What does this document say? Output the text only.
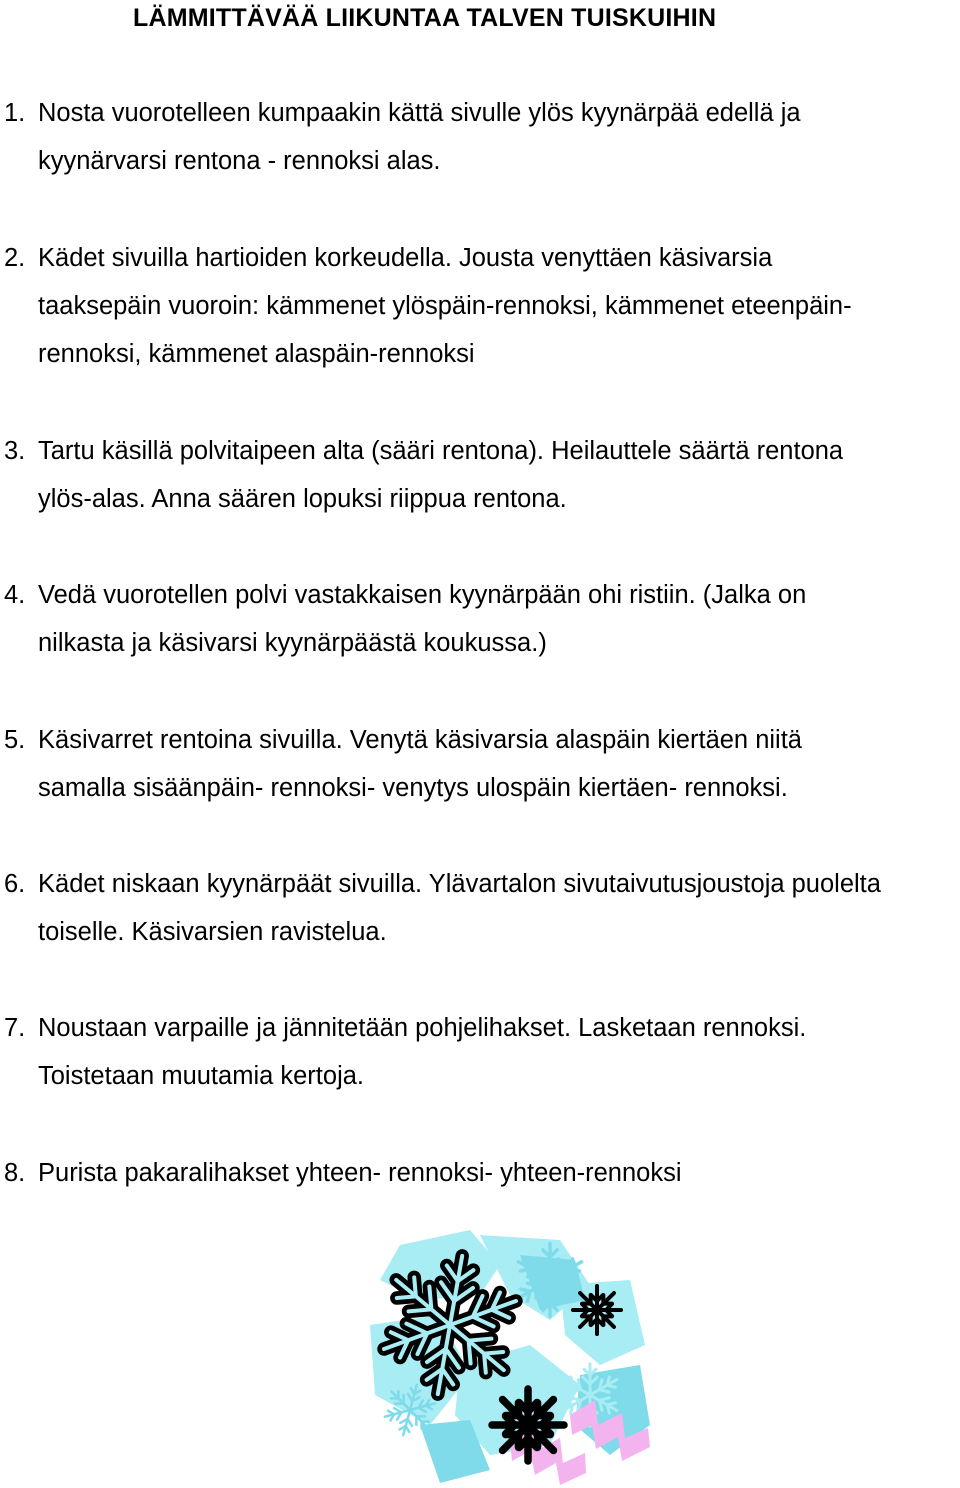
LÄMMITTÄVÄÄ LIIKUNTAA TALVEN TUISKUIHIN
1. Nosta vuorotelleen kumpaakin kättä sivulle ylös kyynärpää edellä ja
kyynärvarsi rentona - rennoksi alas.

2. Kädet sivuilla hartioiden korkeudella. Jousta venyttäen käsivarsia
taaksepäin vuoroin: kämmenet ylöspäin-rennoksi, kämmenet eteenpäin-
rennoksi, kämmenet alaspäin-rennoksi

3. Tartu käsillä polvitaipeen alta (sääri rentona). Heilauttele säärtä rentona
ylös-alas. Anna säären lopuksi riippua rentona.

4. Vedä vuorotellen polvi vastakkaisen kyynärpään ohi ristiin. (Jalka on
nilkasta ja käsivarsi kyynärpäästä koukussa.)

5. Käsivarret rentoina sivuilla. Venytä käsivarsia alaspäin kiertäen niitä
samalla sisäänpäin- rennoksi- venytys ulospäin kiertäen- rennoksi.

6. Kädet niskaan kyynärpäät sivuilla. Ylävartalon sivutaivutusjoustoja puolelta
toiselle. Käsivarsien ravistelua.

7. Noustaan varpaille ja jännitetään pohjelihakset. Lasketaan rennoksi.
Toistetaan muutamia kertoja.

8. Purista pakaralihakset yhteen- rennoksi- yhteen-rennoksi
